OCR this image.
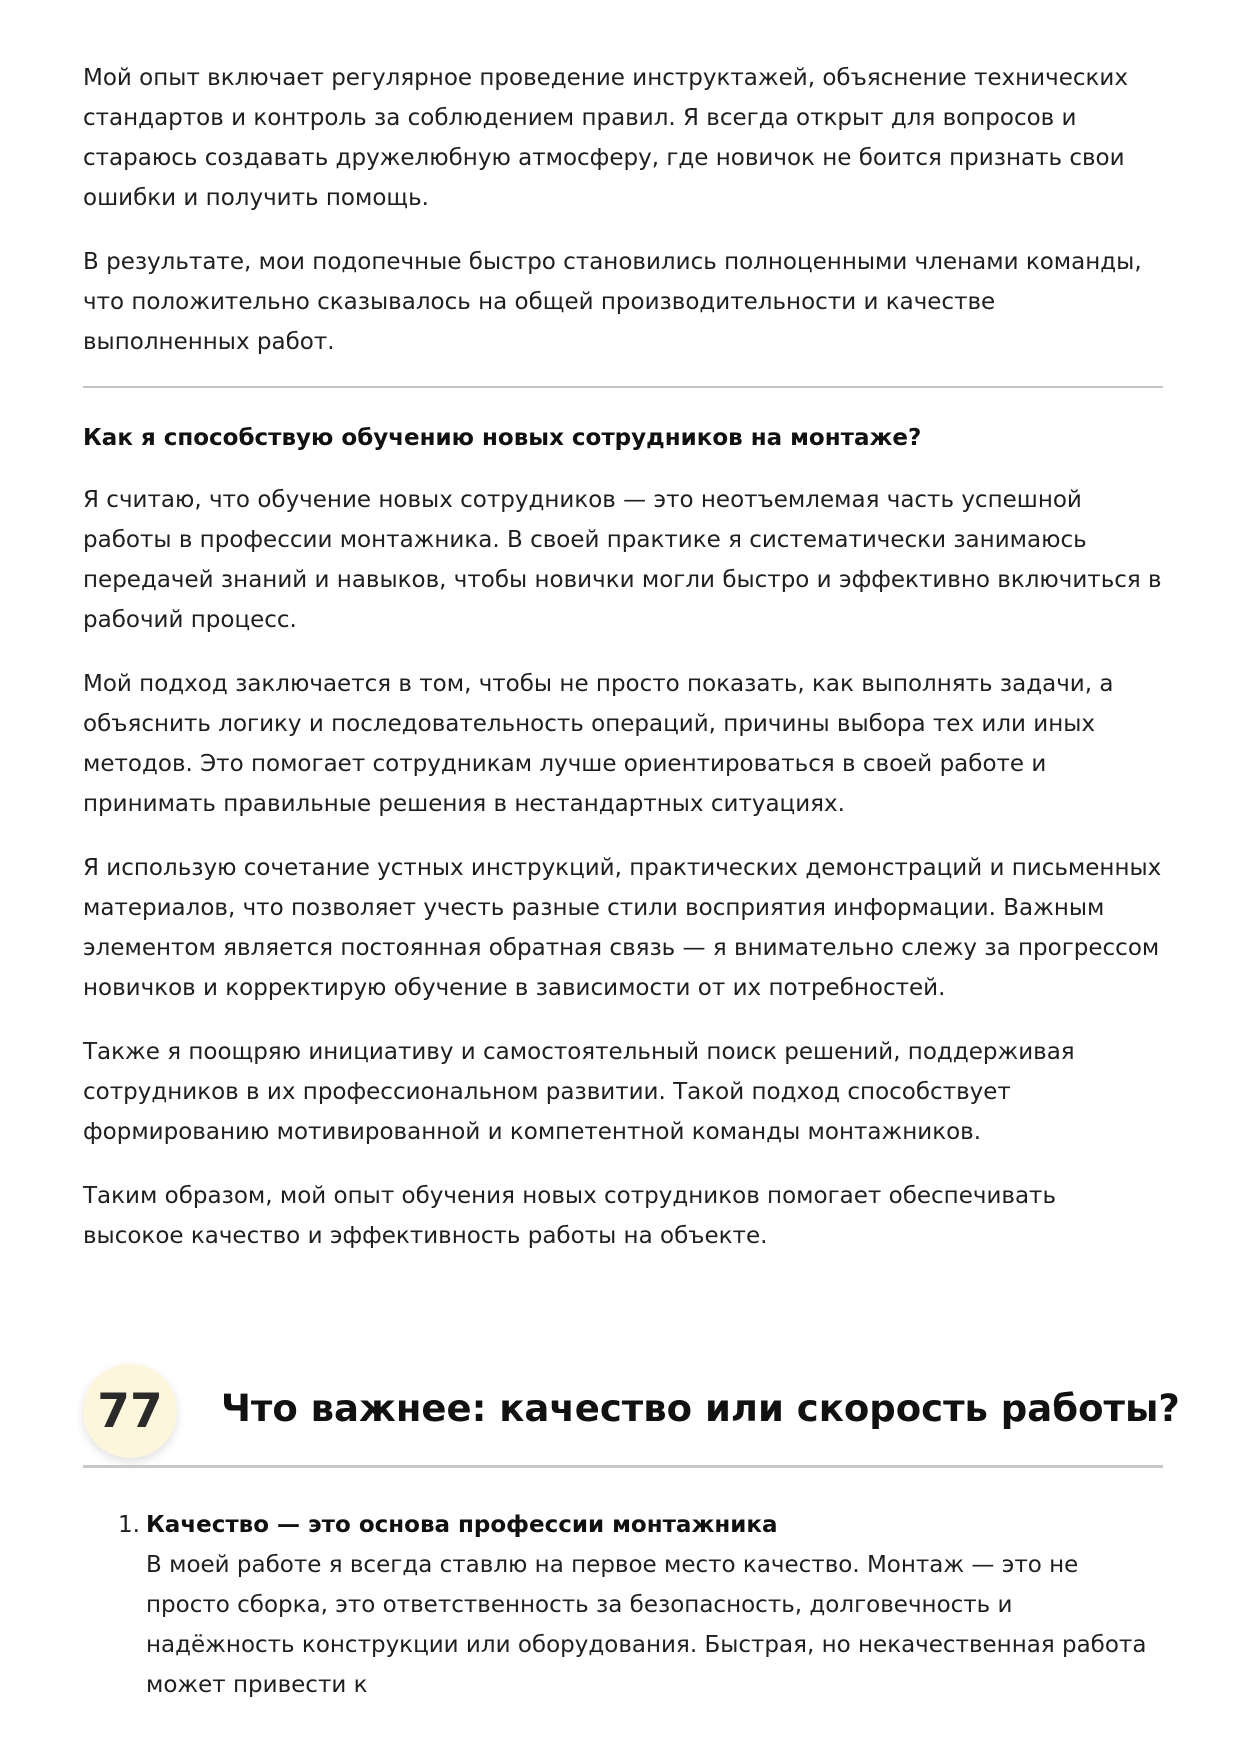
Мой опыт включает регулярное проведение инструктажей, объяснение технических стандартов и контроль за соблюдением правил. Я всегда открыт для вопросов и стараюсь создавать дружелюбную атмосферу, где новичок не боится признать свои ошибки и получить помощь.

В результате, мои подопечные быстро становились полноценными членами команды, что положительно сказывалось на общей производительности и качестве выполненных работ.

Как я способствую обучению новых сотрудников на монтаже?

Я считаю, что обучение новых сотрудников — это неотъемлемая часть успешной работы в профессии монтажника. В своей практике я систематически занимаюсь передачей знаний и навыков, чтобы новички могли быстро и эффективно включиться в рабочий процесс.

Мой подход заключается в том, чтобы не просто показать, как выполнять задачи, а объяснить логику и последовательность операций, причины выбора тех или иных методов. Это помогает сотрудникам лучше ориентироваться в своей работе и принимать правильные решения в нестандартных ситуациях.

Я использую сочетание устных инструкций, практических демонстраций и письменных материалов, что позволяет учесть разные стили восприятия информации. Важным элементом является постоянная обратная связь — я внимательно слежу за прогрессом новичков и корректирую обучение в зависимости от их потребностей.

Также я поощряю инициативу и самостоятельный поиск решений, поддерживая сотрудников в их профессиональном развитии. Такой подход способствует формированию мотивированной и компетентной команды монтажников.

Таким образом, мой опыт обучения новых сотрудников помогает обеспечивать высокое качество и эффективность работы на объекте.

77	Что важнее: качество или скорость работы?
1. Качество — это основа профессии монтажника
В моей работе я всегда ставлю на первое место качество. Монтаж — это не просто сборка, это ответственность за безопасность, долговечность и надёжность конструкции или оборудования. Быстрая, но некачественная работа может привести к
